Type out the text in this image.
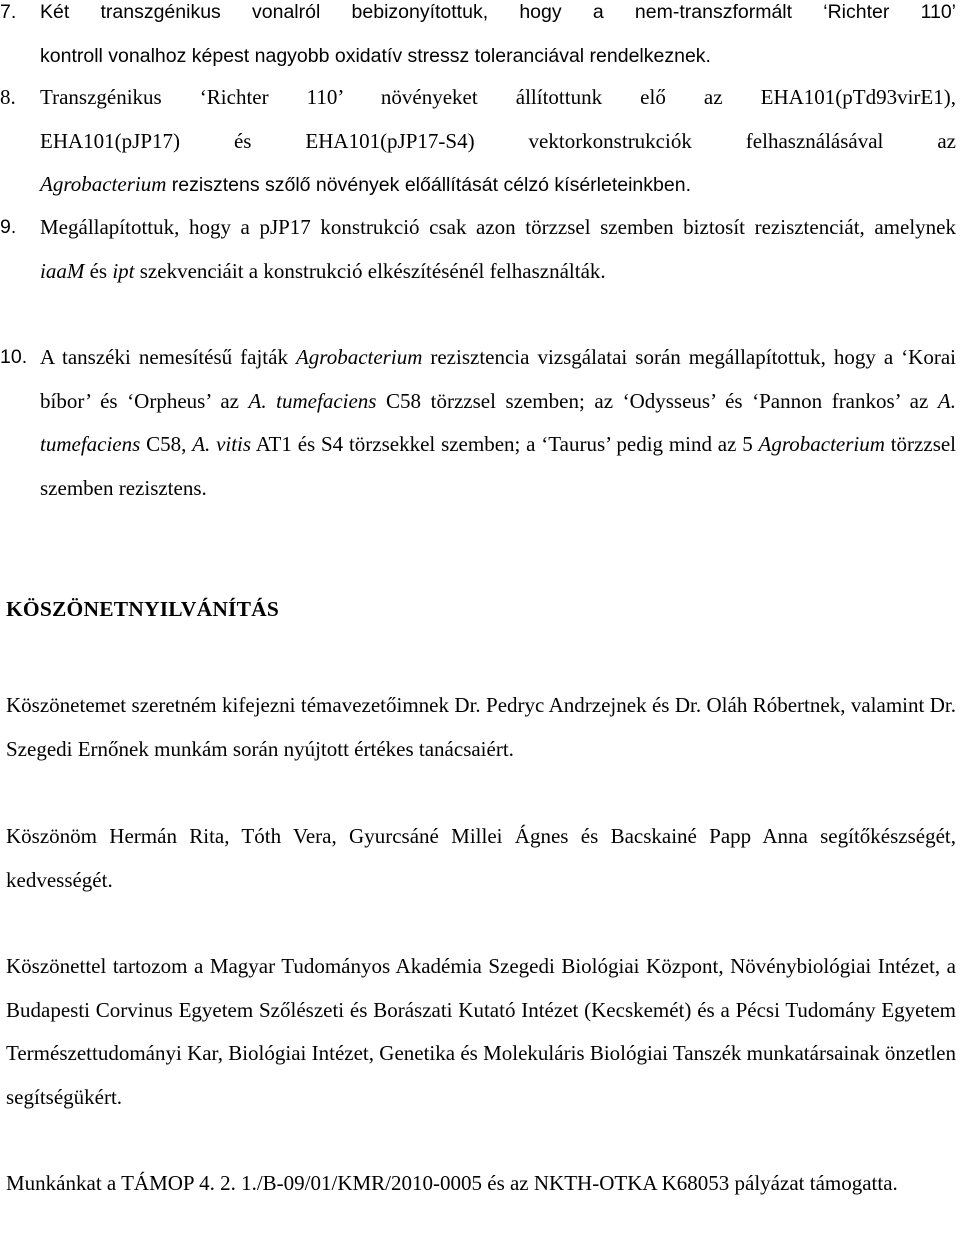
7. Két transzgénikus vonalról bebizonyítottuk, hogy a nem-transzformált ‘Richter 110’
kontroll vonalhoz képest nagyobb oxidatív stressz toleranciával rendelkeznek.
8. Transzgénikus ‘Richter 110’ növényeket állítottunk elő az EHA101(pTd93virE1),
EHA101(pJP17) és EHA101(pJP17-S4) vektorkonstrukciók felhasználásával az
Agrobacterium rezisztens szőlő növények előállítását célzó kísérleteinkben.
9. Megállapítottuk, hogy a pJP17 konstrukció csak azon törzzsel szemben biztosít rezisztenciát, amelynek iaaM és ipt szekvenciáit a konstrukció elkészítésénél felhasználták.
10. A tanszéki nemesítésű fajták Agrobacterium rezisztencia vizsgálatai során megállapítottuk, hogy a ‘Korai bíbor’ és ‘Orpheus’ az A. tumefaciens C58 törzzsel szemben; az ‘Odysseus’ és ‘Pannon frankos’ az A. tumefaciens C58, A. vitis AT1 és S4 törzsekkel szemben; a ‘Taurus’ pedig mind az 5 Agrobacterium törzzsel szemben rezisztens.
KÖSZÖNETNYILVÁNÍTÁS
Köszönetemet szeretném kifejezni témavezetőimnek Dr. Pedryc Andrzejnek és Dr. Oláh Róbertnek, valamint Dr. Szegedi Ernőnek munkám során nyújtott értékes tanácsaiért.
Köszönöm Hermán Rita, Tóth Vera, Gyurcsáné Millei Ágnes és Bacskainé Papp Anna segítőkészségét, kedvességét.
Köszönettel tartozom a Magyar Tudományos Akadémia Szegedi Biológiai Központ, Növénybiológiai Intézet, a Budapesti Corvinus Egyetem Szőlészeti és Borászati Kutató Intézet (Kecskemét) és a Pécsi Tudomány Egyetem Természettudományi Kar, Biológiai Intézet, Genetika és Molekuláris Biológiai Tanszék munkatársainak önzetlen segítségükért.
Munkánkat a TÁMOP 4. 2. 1./B-09/01/KMR/2010-0005 és az NKTH-OTKA K68053 pályázat támogatta.
